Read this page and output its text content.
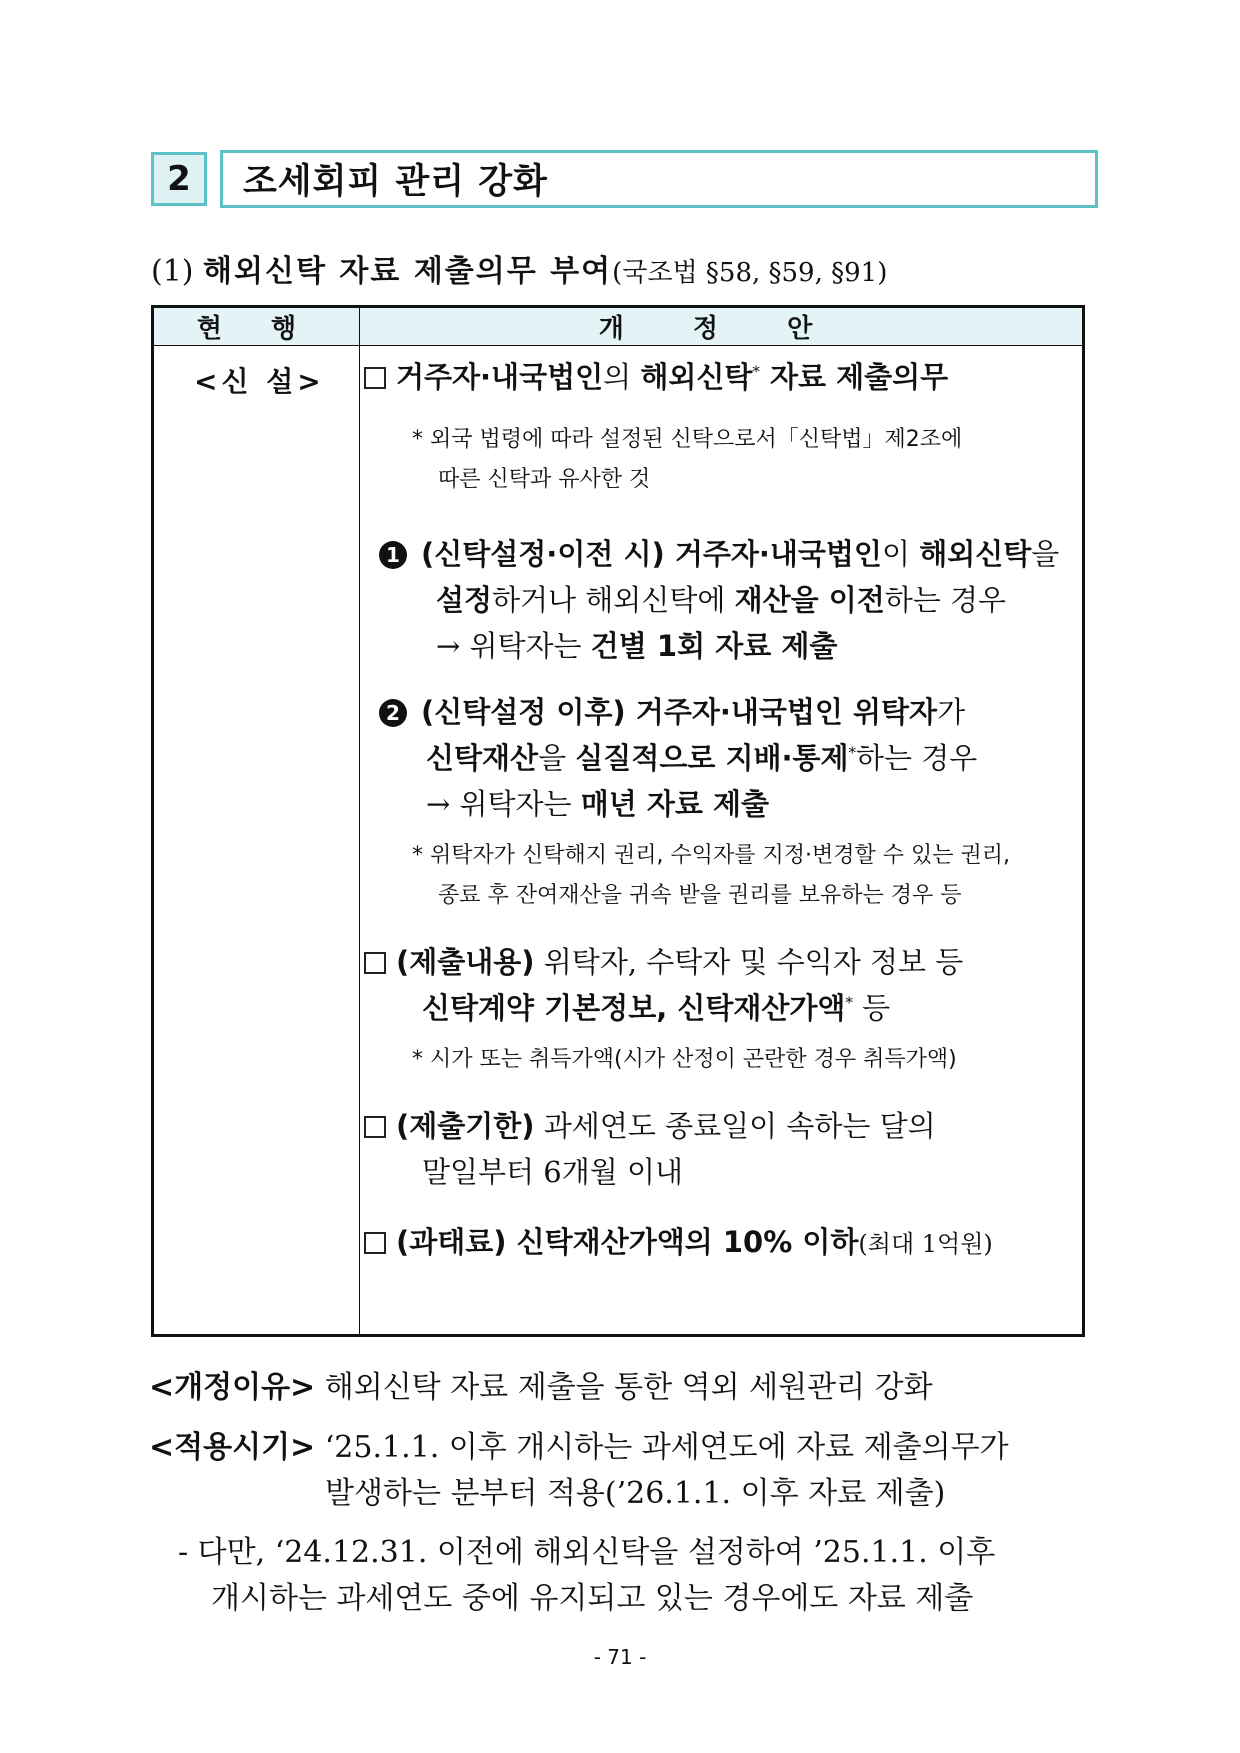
2	조세회피 관리 강화
(1) 해외신탁 자료 제출의무 부여(국조법 §58, §59, §91)
현 행	개 정 안
<신 설>	거주자·내국법인의 해외신탁* 자료 제출의무
* 외국 법령에 따라 설정된 신탁으로서「신탁법」제2조에
따른 신탁과 유사한 것
1 (신탁설정·이전 시) 거주자·내국법인이 해외신탁을
설정하거나 해외신탁에 재산을 이전하는 경우
→ 위탁자는 건별 1회 자료 제출
2 (신탁설정 이후) 거주자·내국법인 위탁자가
신탁재산을 실질적으로 지배·통제*하는 경우
→ 위탁자는 매년 자료 제출
* 위탁자가 신탁해지 권리, 수익자를 지정·변경할 수 있는 권리,
종료 후 잔여재산을 귀속 받을 권리를 보유하는 경우 등
(제출내용) 위탁자, 수탁자 및 수익자 정보 등
신탁계약 기본정보, 신탁재산가액* 등
* 시가 또는 취득가액(시가 산정이 곤란한 경우 취득가액)
(제출기한) 과세연도 종료일이 속하는 달의
말일부터 6개월 이내
(과태료) 신탁재산가액의 10% 이하(최대 1억원)
<개정이유> 해외신탁 자료 제출을 통한 역외 세원관리 강화
<적용시기> ‘25.1.1. 이후 개시하는 과세연도에 자료 제출의무가
발생하는 분부터 적용(’26.1.1. 이후 자료 제출)
- 다만, ‘24.12.31. 이전에 해외신탁을 설정하여 ’25.1.1. 이후
개시하는 과세연도 중에 유지되고 있는 경우에도 자료 제출
- 71 -
